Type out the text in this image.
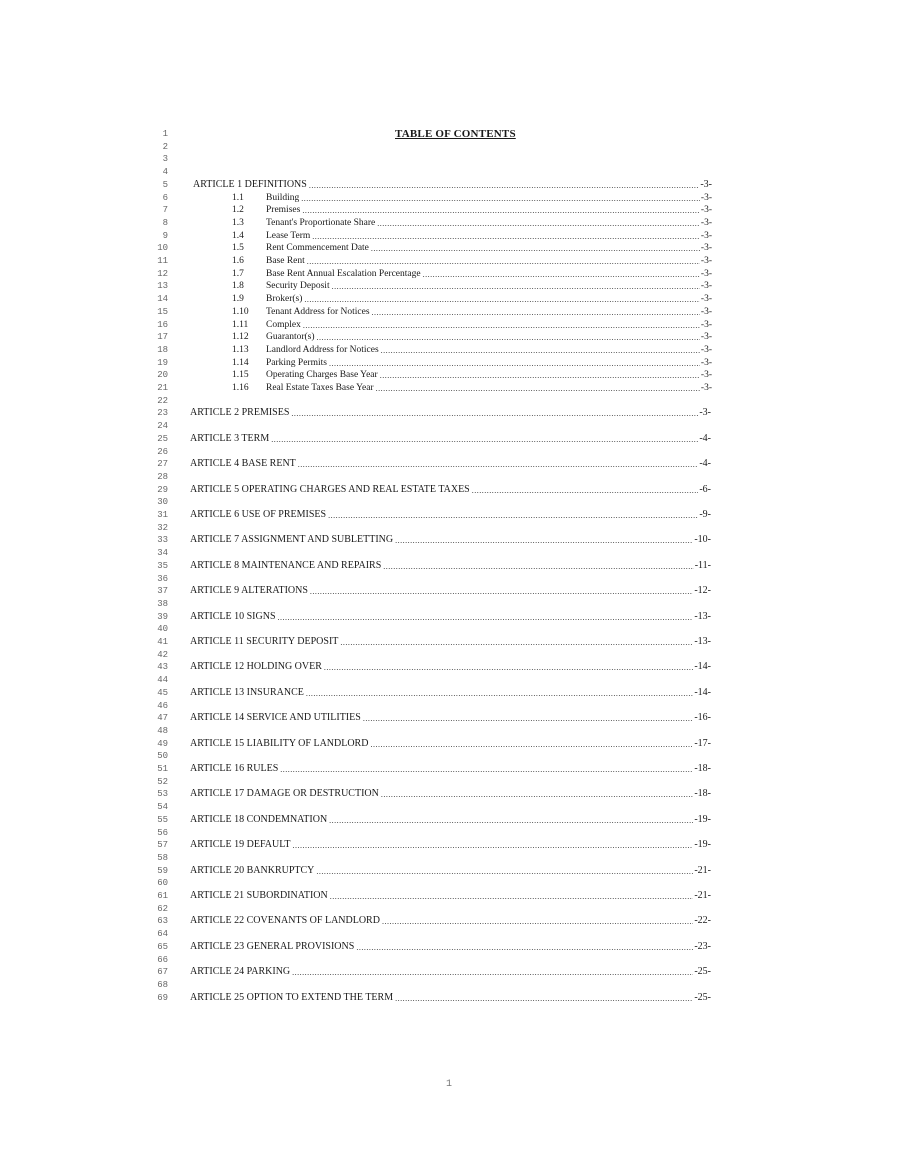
1
2
3
4
5
6
7
8
9
10
11
12
13
14
15
16
17
18
19
20
21
22
23
24
25
26
27
28
29
30
31
32
33
34
35
36
37
38
39
40
41
42
43
44
45
46
47
48
49
50
51
52
53
54
55
56
57
58
59
60
61
62
63
64
65
66
67
68
69
TABLE OF CONTENTS
ARTICLE 1 DEFINITIONS .....	-3-
1.1	Building .....	-3-
1.2	Premises .....	-3-
1.3	Tenant's Proportionate Share .....	-3-
1.4	Lease Term .....	-3-
1.5	Rent Commencement Date .....	-3-
1.6	Base Rent .....	-3-
1.7	Base Rent Annual Escalation Percentage .....	-3-
1.8	Security Deposit .....	-3-
1.9	Broker(s) .....	-3-
1.10	Tenant Address for Notices .....	-3-
1.11	Complex .....	-3-
1.12	Guarantor(s) .....	-3-
1.13	Landlord Address for Notices .....	-3-
1.14	Parking Permits .....	-3-
1.15	Operating Charges Base Year .....	-3-
1.16	Real Estate Taxes Base Year .....	-3-
ARTICLE 2 PREMISES .....	-3-
ARTICLE 3 TERM .....	-4-
ARTICLE 4 BASE RENT .....	-4-
ARTICLE 5 OPERATING CHARGES AND REAL ESTATE TAXES .....	-6-
ARTICLE 6 USE OF PREMISES .....	-9-
ARTICLE 7 ASSIGNMENT AND SUBLETTING .....	-10-
ARTICLE 8 MAINTENANCE AND REPAIRS .....	-11-
ARTICLE 9 ALTERATIONS .....	-12-
ARTICLE 10 SIGNS .....	-13-
ARTICLE 11 SECURITY DEPOSIT .....	-13-
ARTICLE 12 HOLDING OVER .....	-14-
ARTICLE 13 INSURANCE .....	-14-
ARTICLE 14 SERVICE AND UTILITIES .....	-16-
ARTICLE 15 LIABILITY OF LANDLORD .....	-17-
ARTICLE 16 RULES .....	-18-
ARTICLE 17 DAMAGE OR DESTRUCTION .....	-18-
ARTICLE 18 CONDEMNATION .....	-19-
ARTICLE 19 DEFAULT .....	-19-
ARTICLE 20 BANKRUPTCY .....	-21-
ARTICLE 21 SUBORDINATION .....	-21-
ARTICLE 22 COVENANTS OF LANDLORD .....	-22-
ARTICLE 23 GENERAL PROVISIONS .....	-23-
ARTICLE 24 PARKING .....	-25-
ARTICLE 25 OPTION TO EXTEND THE TERM .....	-25-
1
